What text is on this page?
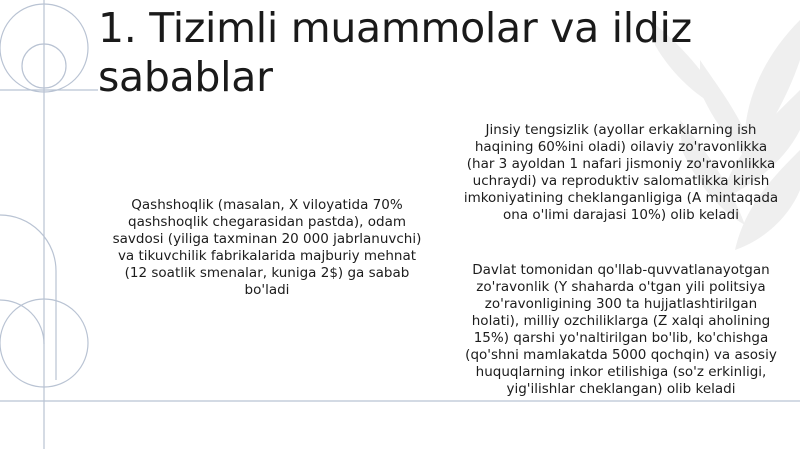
1. Tizimli muammolar va ildiz sabablar
Qashshoqlik (masalan, X viloyatida 70% qashshoqlik chegarasidan pastda), odam savdosi (yiliga taxminan 20 000 jabrlanuvchi) va tikuvchilik fabrikalarida majburiy mehnat (12 soatlik smenalar, kuniga 2$) ga sabab bo'ladi
Jinsiy tengsizlik (ayollar erkaklarning ish haqining 60%ini oladi) oilaviy zo'ravonlikka (har 3 ayoldan 1 nafari jismoniy zo'ravonlikka uchraydi) va reproduktiv salomatlikka kirish imkoniyatining cheklanganligiga (A mintaqada ona o'limi darajasi 10%) olib keladi
Davlat tomonidan qo'llab-quvvatlanayotgan zo'ravonlik (Y shaharda o'tgan yili politsiya zo'ravonligining 300 ta hujjatlashtirilgan holati), milliy ozchiliklarga (Z xalqi aholining 15%) qarshi yo'naltirilgan bo'lib, ko'chishga (qo'shni mamlakatda 5000 qochqin) va asosiy huquqlarning inkor etilishiga (so'z erkinligi, yig'ilishlar cheklangan) olib keladi
